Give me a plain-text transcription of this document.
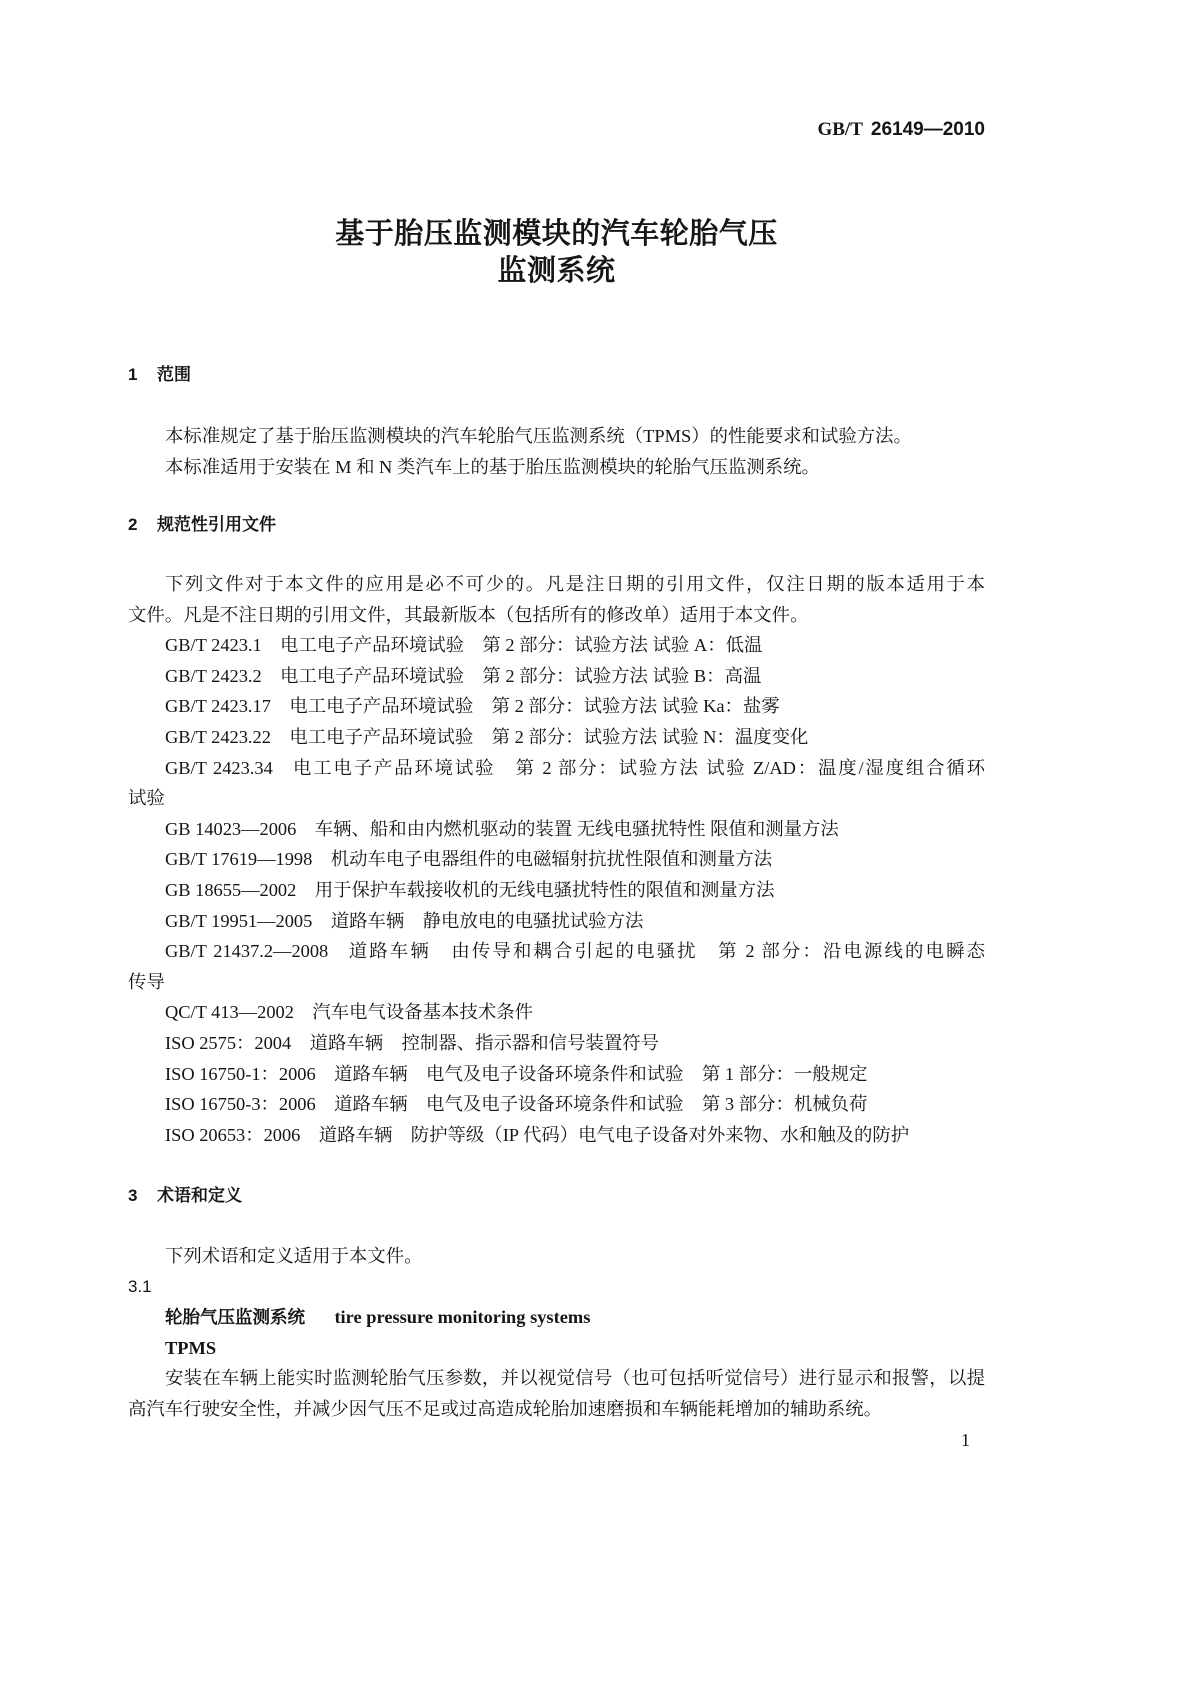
GB/T 26149—2010
基于胎压监测模块的汽车轮胎气压
监测系统
1 范围
本标准规定了基于胎压监测模块的汽车轮胎气压监测系统（TPMS）的性能要求和试验方法。
本标准适用于安装在 M 和 N 类汽车上的基于胎压监测模块的轮胎气压监测系统。
2 规范性引用文件
下列文件对于本文件的应用是必不可少的。凡是注日期的引用文件，仅注日期的版本适用于本
文件。凡是不注日期的引用文件，其最新版本（包括所有的修改单）适用于本文件。
GB/T 2423.1 电工电子产品环境试验　第 2 部分：试验方法 试验 A：低温
GB/T 2423.2 电工电子产品环境试验　第 2 部分：试验方法 试验 B：高温
GB/T 2423.17 电工电子产品环境试验　第 2 部分：试验方法 试验 Ka：盐雾
GB/T 2423.22 电工电子产品环境试验　第 2 部分：试验方法 试验 N：温度变化
GB/T 2423.34 电工电子产品环境试验　第 2 部分：试验方法 试验 Z/AD：温度/湿度组合循环
试验
GB 14023—2006 车辆、船和由内燃机驱动的装置 无线电骚扰特性 限值和测量方法
GB/T 17619—1998 机动车电子电器组件的电磁辐射抗扰性限值和测量方法
GB 18655—2002 用于保护车载接收机的无线电骚扰特性的限值和测量方法
GB/T 19951—2005 道路车辆　静电放电的电骚扰试验方法
GB/T 21437.2—2008 道路车辆　由传导和耦合引起的电骚扰　第 2 部分：沿电源线的电瞬态
传导
QC/T 413—2002 汽车电气设备基本技术条件
ISO 2575：2004 道路车辆　控制器、指示器和信号装置符号
ISO 16750-1：2006 道路车辆　电气及电子设备环境条件和试验　第 1 部分：一般规定
ISO 16750-3：2006 道路车辆　电气及电子设备环境条件和试验　第 3 部分：机械负荷
ISO 20653：2006 道路车辆　防护等级（IP 代码）电气电子设备对外来物、水和触及的防护
3 术语和定义
下列术语和定义适用于本文件。
3.1
轮胎气压监测系统 tire pressure monitoring systems
TPMS
安装在车辆上能实时监测轮胎气压参数，并以视觉信号（也可包括听觉信号）进行显示和报警，以提
高汽车行驶安全性，并减少因气压不足或过高造成轮胎加速磨损和车辆能耗增加的辅助系统。
1
